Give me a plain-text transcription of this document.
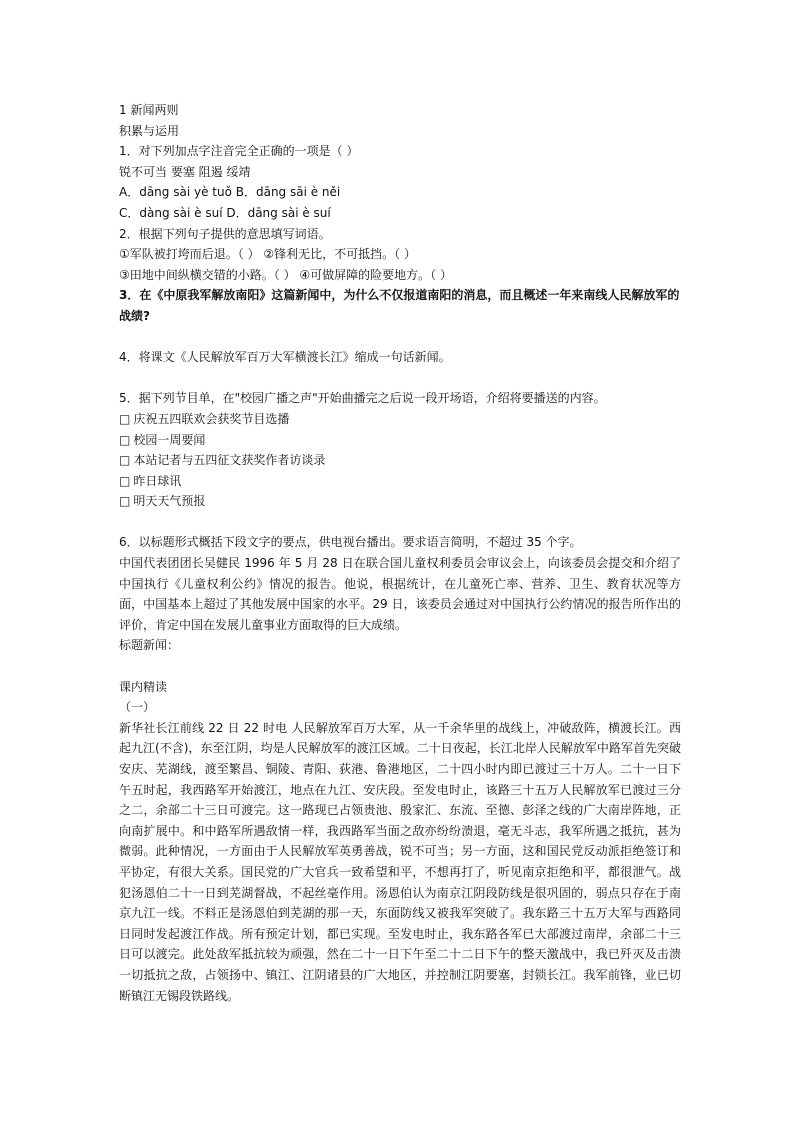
1 新闻两则

积累与运用

1．对下列加点字注音完全正确的一项是（ ）

锐不可当 要塞 阻遏 绥靖

A．dāng sài yè tuǒ B．dāng sāi è něi

C．dàng sài è suí D．dāng sài è suí

2．根据下列句子提供的意思填写词语。

①军队被打垮而后退。（ ） ②锋利无比，不可抵挡。（ ）

③田地中间纵横交错的小路。（ ） ④可做屏障的险要地方。（ ）

3．在《中原我军解放南阳》这篇新闻中，为什么不仅报道南阳的消息，而且概述一年来南线人民解放军的

战绩?

4．将课文《人民解放军百万大军横渡长江》缩成一句话新闻。

5．据下列节目单，在"校园广播之声"开始曲播完之后说一段开场语，介绍将要播送的内容。

□ 庆祝五四联欢会获奖节目选播
□ 校园一周要闻
□ 本站记者与五四征文获奖作者访谈录
□ 昨日球讯
□ 明天天气预报

6．以标题形式概括下段文字的要点，供电视台播出。要求语言简明，不超过 35 个字。

中国代表团团长吴健民 1996 年 5 月 28 日在联合国儿童权利委员会审议会上，向该委员会提交和介绍了中国执行《儿童权利公约》情况的报告。他说，根据统计，在儿童死亡率、营养、卫生、教育状况等方面，中国基本上超过了其他发展中国家的水平。29 日，该委员会通过对中国执行公约情况的报告所作出的评价，肯定中国在发展儿童事业方面取得的巨大成绩。

标题新闻：

课内精读

（一）

新华社长江前线 22 日 22 时电 人民解放军百万大军，从一千余华里的战线上，冲破敌阵，横渡长江。西起九江(不含)，东至江阴，均是人民解放军的渡江区域。二十日夜起，长江北岸人民解放军中路军首先突破安庆、芜湖线，渡至繁昌、铜陵、青阳、荻港、鲁港地区，二十四小时内即已渡过三十万人。二十一日下午五时起，我西路军开始渡江，地点在九江、安庆段。至发电时止，该路三十五万人民解放军已渡过三分之二，余部二十三日可渡完。这一路现已占领贵池、殷家汇、东流、至德、彭泽之线的广大南岸阵地，正向南扩展中。和中路军所遇敌情一样，我西路军当面之敌亦纷纷溃退，毫无斗志，我军所遇之抵抗，甚为微弱。此种情况，一方面由于人民解放军英勇善战，锐不可当；另一方面，这和国民党反动派拒绝签订和平协定，有很大关系。国民党的广大官兵一致希望和平，不想再打了，听见南京拒绝和平，都很泄气。战犯汤恩伯二十一日到芜湖督战，不起丝毫作用。汤恩伯认为南京江阴段防线是很巩固的，弱点只存在于南京九江一线。不料正是汤恩伯到芜湖的那一天，东面防线又被我军突破了。我东路三十五万大军与西路同日同时发起渡江作战。所有预定计划，都已实现。至发电时止，我东路各军已大部渡过南岸，余部二十三日可以渡完。此处敌军抵抗较为顽强，然在二十一日下午至二十二日下午的整天激战中，我已歼灭及击溃一切抵抗之敌，占领扬中、镇江、江阴诸县的广大地区，并控制江阴要塞，封锁长江。我军前锋，业已切断镇江无锡段铁路线。
